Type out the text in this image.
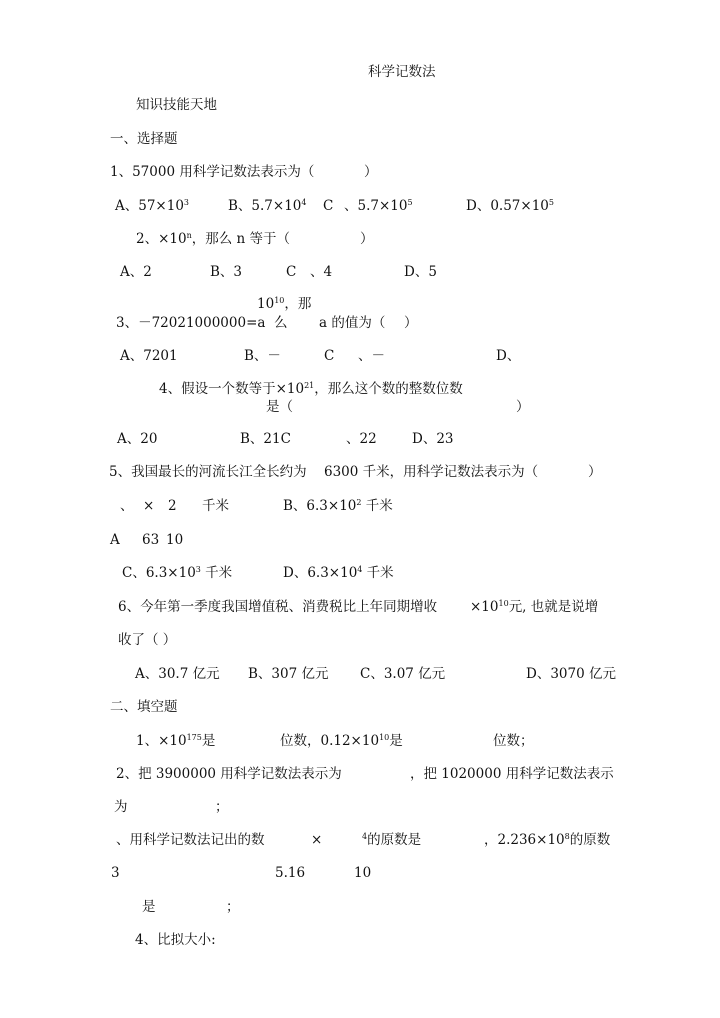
科学记数法
知识技能天地
一、选择题
1、57000 用科学记数法表示为（	）
A、$57\times 10^3$	B、$5.7\times 10^4$ C 、$5.7\times 10^5$	D、$0.57\times 10^5$
2、$\times 10^n$，那么 n 等于（	）
A、2	B、3	C 、4	D、5
$10^{10}$，那
3、－72021000000=a 么 a 的值为（ ）
A、7201	B、－	C 、－	D、
4、假设一个数等于$\times 10^{21}$，那么这个数的整数位数
是（	）
A、20	B、21C	、22	D、23
5、我国最长的河流长江全长约为 6300 千米，用科学记数法表示为（	）
、 × 2 千米	B、$6.3\times 10^2$ 千米
A 63 10
C、$6.3\times 10^3$ 千米	D、$6.3\times 10^4$ 千米
6、今年第一季度我国增值税、消费税比上年同期增收 $\times 10^{10}$元, 也就是说增
收了（ ）
A、30.7 亿元 B、307 亿元 C、3.07 亿元	D、3070 亿元
二、填空题
1、$\times 10^{175}$是	位数，$0.12\times 10^{10}$是	位数；
2、把 3900000 用科学记数法表示为	，把 1020000 用科学记数法表示
为	；
、用科学记数法记出的数	×	$^4$的原数是	，$2.236\times 10^8$的原数
3	5.16	10
是	；
4、比拟大小:
